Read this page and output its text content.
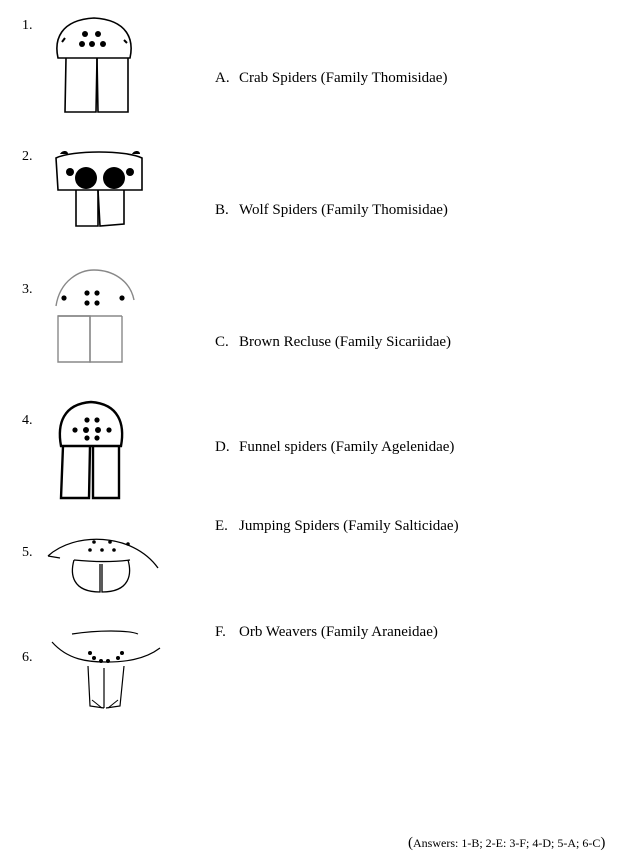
1.
2.
3.
4.
5.
6.
A. Crab Spiders (Family Thomisidae)
B. Wolf Spiders (Family Thomisidae)
C. Brown Recluse (Family Sicariidae)
D. Funnel spiders (Family Agelenidae)
E. Jumping Spiders (Family Salticidae)
F. Orb Weavers (Family Araneidae)
(Answers: 1-B; 2-E: 3-F; 4-D; 5-A; 6-C)
